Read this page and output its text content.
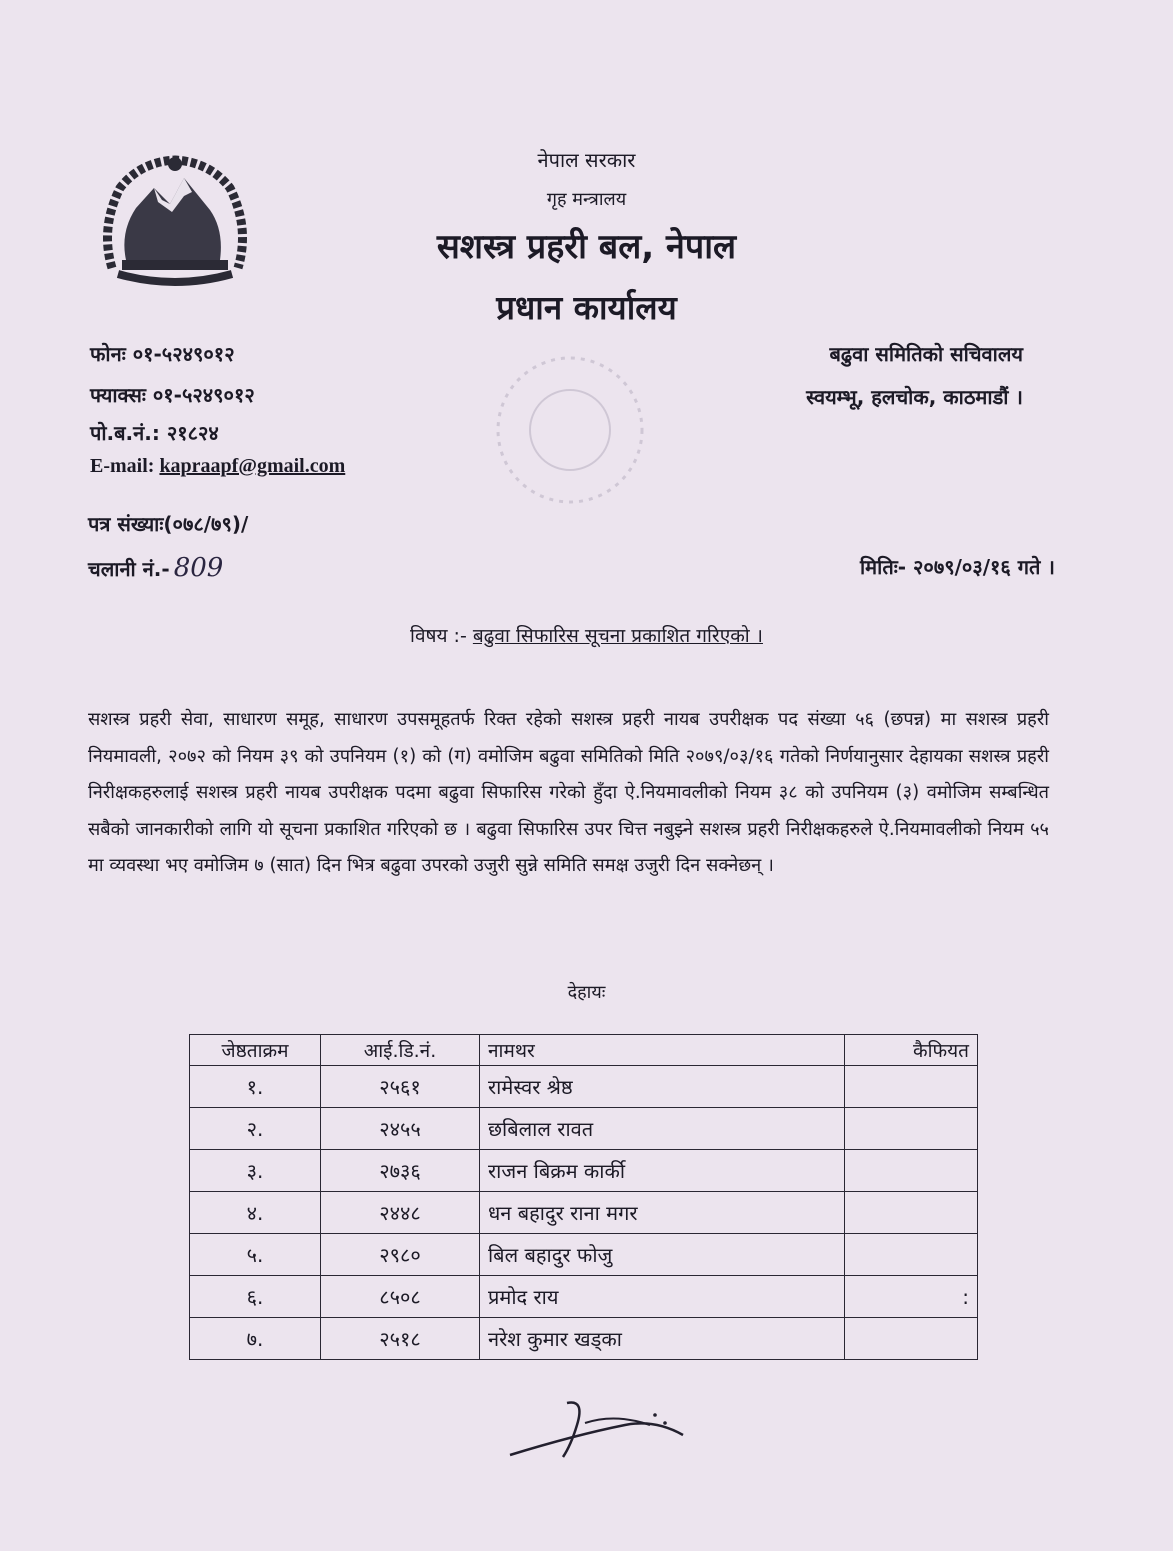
नेपाल सरकार
गृह मन्त्रालय
सशस्त्र प्रहरी बल, नेपाल
प्रधान कार्यालय
फोनः ०१-५२४९०१२
फ्याक्सः ०१-५२४९०१२
पो.ब.नं.: २१८२४
E-mail: kapraapf@gmail.com
बढुवा समितिको सचिवालय
स्वयम्भू, हलचोक, काठमाडौं ।
पत्र संख्याः(०७८/७९)/
चलानी नं.- 809	मितिः- २०७९/०३/१६ गते ।
विषय :- बढुवा सिफारिस सूचना प्रकाशित गरिएको ।
सशस्त्र प्रहरी सेवा, साधारण समूह, साधारण उपसमूहतर्फ रिक्त रहेको सशस्त्र प्रहरी नायब उपरीक्षक पद संख्या ५६ (छपन्न) मा सशस्त्र प्रहरी नियमावली, २०७२ को नियम ३९ को उपनियम (१) को (ग) वमोजिम बढुवा समितिको मिति २०७९/०३/१६ गतेको निर्णयानुसार देहायका सशस्त्र प्रहरी निरीक्षकहरुलाई सशस्त्र प्रहरी नायब उपरीक्षक पदमा बढुवा सिफारिस गरेको हुँदा ऐ.नियमावलीको नियम ३८ को उपनियम (३) वमोजिम सम्बन्धित सबैको जानकारीको लागि यो सूचना प्रकाशित गरिएको छ । बढुवा सिफारिस उपर चित्त नबुझ्ने सशस्त्र प्रहरी निरीक्षकहरुले ऐ.नियमावलीको नियम ५५ मा व्यवस्था भए वमोजिम ७ (सात) दिन भित्र बढुवा उपरको उजुरी सुन्ने समिति समक्ष उजुरी दिन सक्नेछन् ।
देहायः
जेष्ठताक्रम	आई.डि.नं.	नामथर	कैफियत
१.	२५६१	रामेस्वर श्रेष्ठ	
२.	२४५५	छबिलाल रावत	
३.	२७३६	राजन बिक्रम कार्की	
४.	२४४८	धन बहादुर राना मगर	
५.	२९८०	बिल बहादुर फोजु	
६.	८५०८	प्रमोद राय	:
७.	२५१८	नरेश कुमार खड्का	
